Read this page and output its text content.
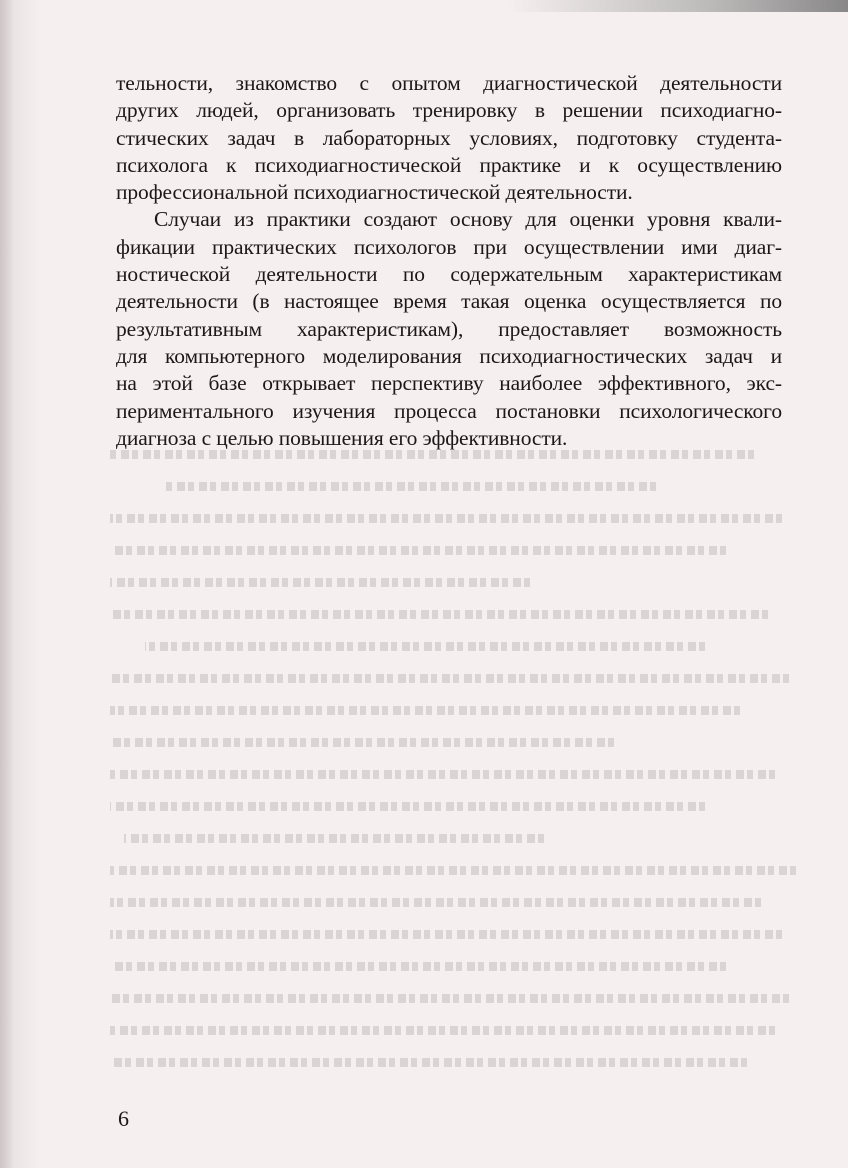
тельности, знакомство с опытом диагностической деятельности
других людей, организовать тренировку в решении психодиагно-
стических задач в лабораторных условиях, подготовку студента-
психолога к психодиагностической практике и к осуществлению
профессиональной психодиагностической деятельности.

Случаи из практики создают основу для оценки уровня квали-
фикации практических психологов при осуществлении ими диаг-
ностической деятельности по содержательным характеристикам
деятельности (в настоящее время такая оценка осуществляется по
результативным характеристикам), предоставляет возможность
для компьютерного моделирования психодиагностических задач и
на этой базе открывает перспективу наиболее эффективного, экс-
периментального изучения процесса постановки психологического
диагноза с целью повышения его эффективности.

6
